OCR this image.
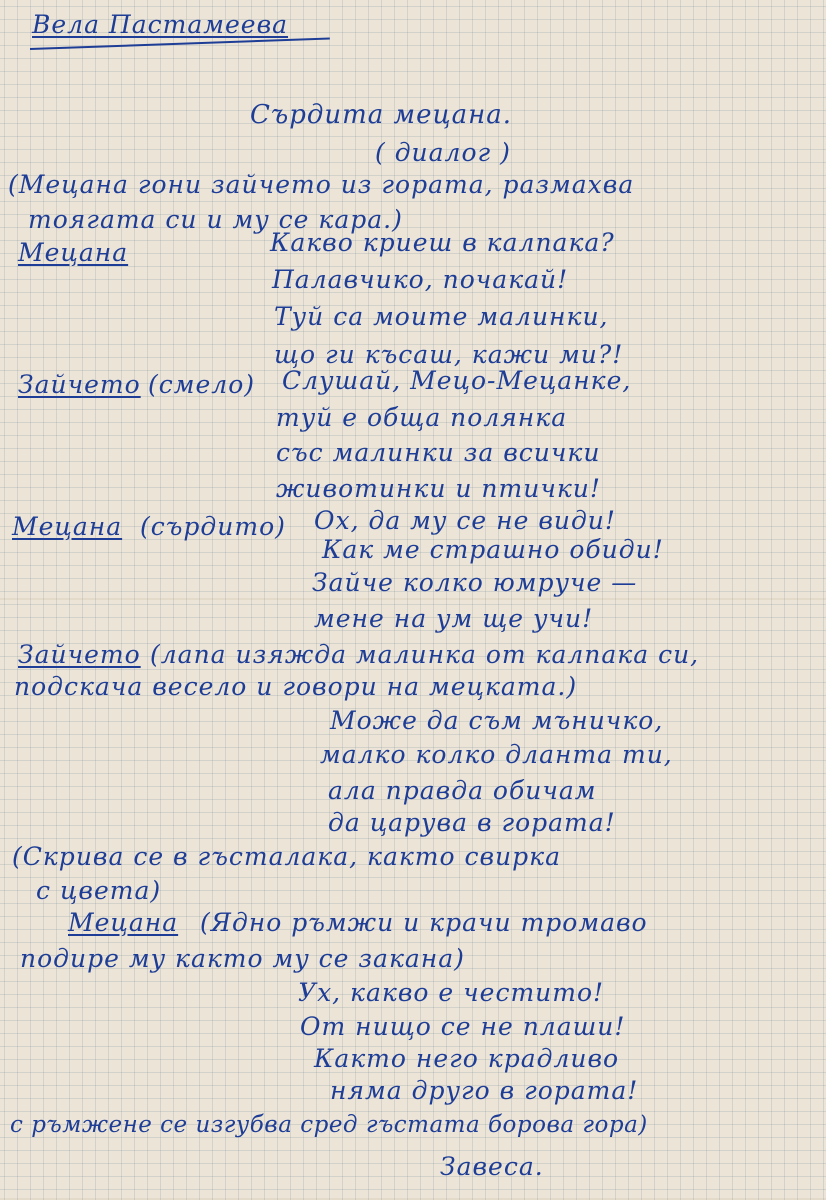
Вела Пастамеева
Сърдита мецана.
( диалог )
(Мецана гони зайчето из гората, размахва
тоягата си и му се кара.)
Мецана	Какво криеш в калпака?
Палавчико, почакай!
Туй са моите малинки,
що ги късаш, кажи ми?!
Зайчето (смело) Слушай, Мецо-Мецанке,
туй е обща полянка
със малинки за всички
животинки и птички!
Мецана (сърдито) Ох, да му се не види!
Как ме страшно обиди!
Зайче колко юмруче —
мене на ум ще учи!
Зайчето (лапа изяжда малинка от калпака си,
подскача весело и говори на мецката.)
Може да съм мъничко,
малко колко дланта ти,
ала правда обичам
да царува в гората!
(Скрива се в гъсталака, както свирка
с цвета)
Мецана (Ядно ръмжи и крачи тромаво
подире му както му се закана)
Ух, какво е честито!
От нищо се не плаши!
Както него крадливо
няма друго в гората!
с ръмжене се изгубва сред гъстата борова гора)
Завеса.
